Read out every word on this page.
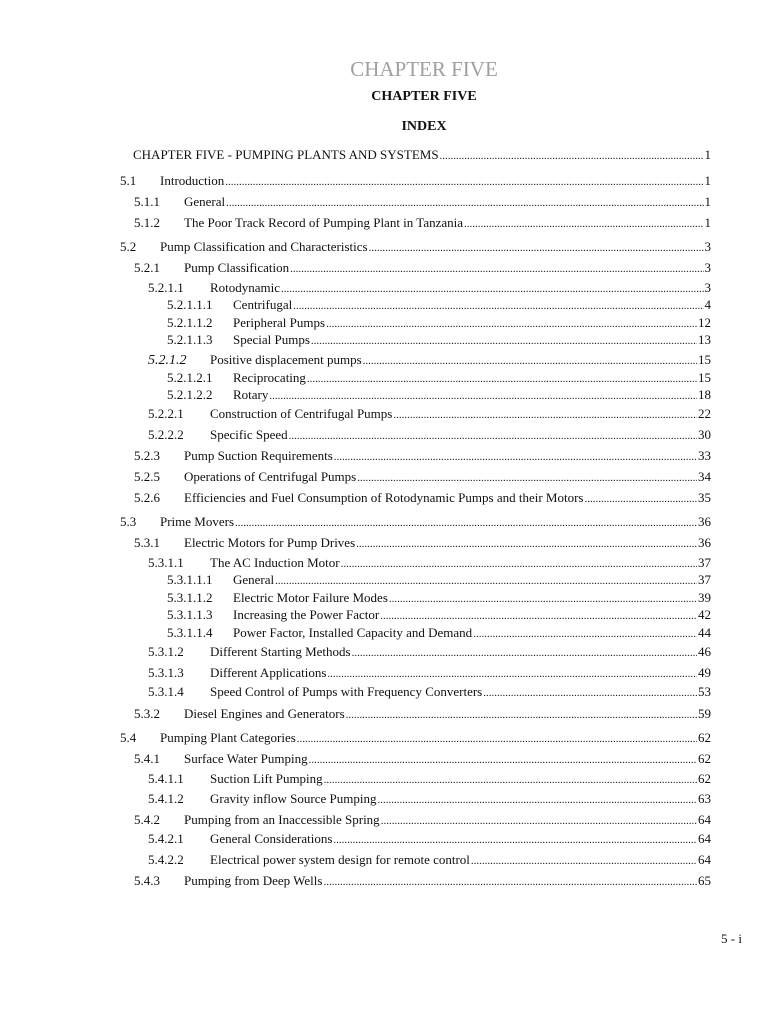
CHAPTER FIVE
CHAPTER FIVE
INDEX
CHAPTER FIVE - PUMPING PLANTS AND SYSTEMS .....	1
5.1	Introduction .....	1
5.1.1	General .....	1
5.1.2	The Poor Track Record of Pumping Plant in Tanzania .....	1
5.2	Pump Classification and Characteristics .....	3
5.2.1	Pump Classification .....	3
5.2.1.1	Rotodynamic .....	3
5.2.1.1.1	Centrifugal .....	4
5.2.1.1.2	Peripheral Pumps .....	12
5.2.1.1.3	Special Pumps .....	13
5.2.1.2	Positive displacement pumps .....	15
5.2.1.2.1	Reciprocating .....	15
5.2.1.2.2	Rotary .....	18
5.2.2.1	Construction of Centrifugal Pumps .....	22
5.2.2.2	Specific Speed .....	30
5.2.3	Pump Suction Requirements .....	33
5.2.5	Operations of Centrifugal Pumps .....	34
5.2.6	Efficiencies and Fuel Consumption of Rotodynamic Pumps and their Motors .....	35
5.3	Prime Movers .....	36
5.3.1	Electric Motors for Pump Drives .....	36
5.3.1.1	The AC Induction Motor .....	37
5.3.1.1.1	General .....	37
5.3.1.1.2	Electric Motor Failure Modes .....	39
5.3.1.1.3	Increasing the Power Factor .....	42
5.3.1.1.4	Power Factor, Installed Capacity and Demand .....	44
5.3.1.2	Different Starting Methods .....	46
5.3.1.3	Different Applications .....	49
5.3.1.4	Speed Control of Pumps with Frequency Converters .....	53
5.3.2	Diesel Engines and Generators .....	59
5.4	Pumping Plant Categories .....	62
5.4.1	Surface Water Pumping .....	62
5.4.1.1	Suction Lift Pumping .....	62
5.4.1.2	Gravity inflow Source Pumping .....	63
5.4.2	Pumping from an Inaccessible Spring .....	64
5.4.2.1	General Considerations .....	64
5.4.2.2	Electrical power system design for remote control .....	64
5.4.3	Pumping from Deep Wells .....	65
5 - i
